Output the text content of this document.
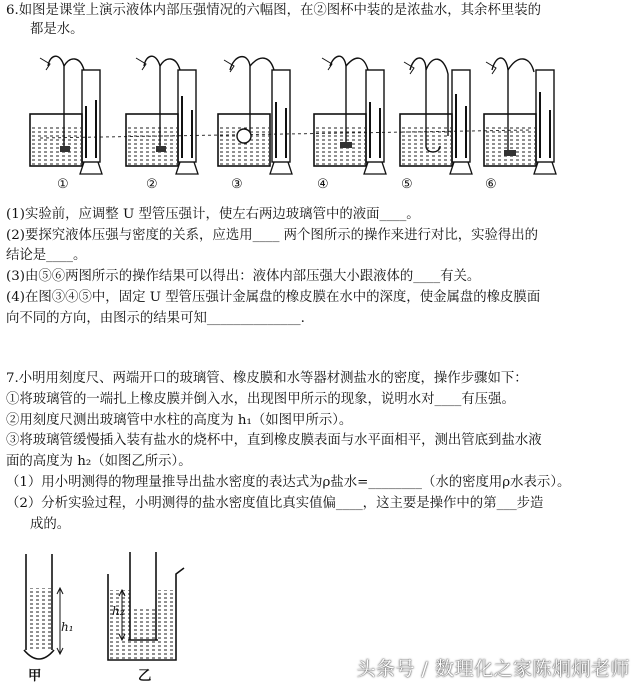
6.如图是课堂上演示液体内部压强情况的六幅图，在②图杯中装的是浓盐水，其余杯里装的
都是水。
①	②	③	④	⑤	⑥
(1)实验前，应调整 U 型管压强计，使左右两边玻璃管中的液面____。
(2)要探究液体压强与密度的关系，应选用____ 两个图所示的操作来进行对比，实验得出的
结论是____。
(3)由⑤⑥两图所示的操作结果可以得出：液体内部压强大小跟液体的____有关。
(4)在图③④⑤中，固定 U 型管压强计金属盘的橡皮膜在水中的深度，使金属盘的橡皮膜面
向不同的方向，由图示的结果可知______________.
7.小明用刻度尺、两端开口的玻璃管、橡皮膜和水等器材测盐水的密度，操作步骤如下：
①将玻璃管的一端扎上橡皮膜并倒入水，出现图甲所示的现象，说明水对____有压强。
②用刻度尺测出玻璃管中水柱的高度为 h₁（如图甲所示）。
③将玻璃管缓慢插入装有盐水的烧杯中，直到橡皮膜表面与水平面相平，测出管底到盐水液
面的高度为 h₂（如图乙所示）。
（1）用小明测得的物理量推导出盐水密度的表达式为ρ盐水=________（水的密度用ρ水表示）。
（2）分析实验过程，小明测得的盐水密度值比真实值偏____，这主要是操作中的第___步造
成的。
h₁
甲
h₂
乙	头条号 / 数理化之家陈炯炯老师
